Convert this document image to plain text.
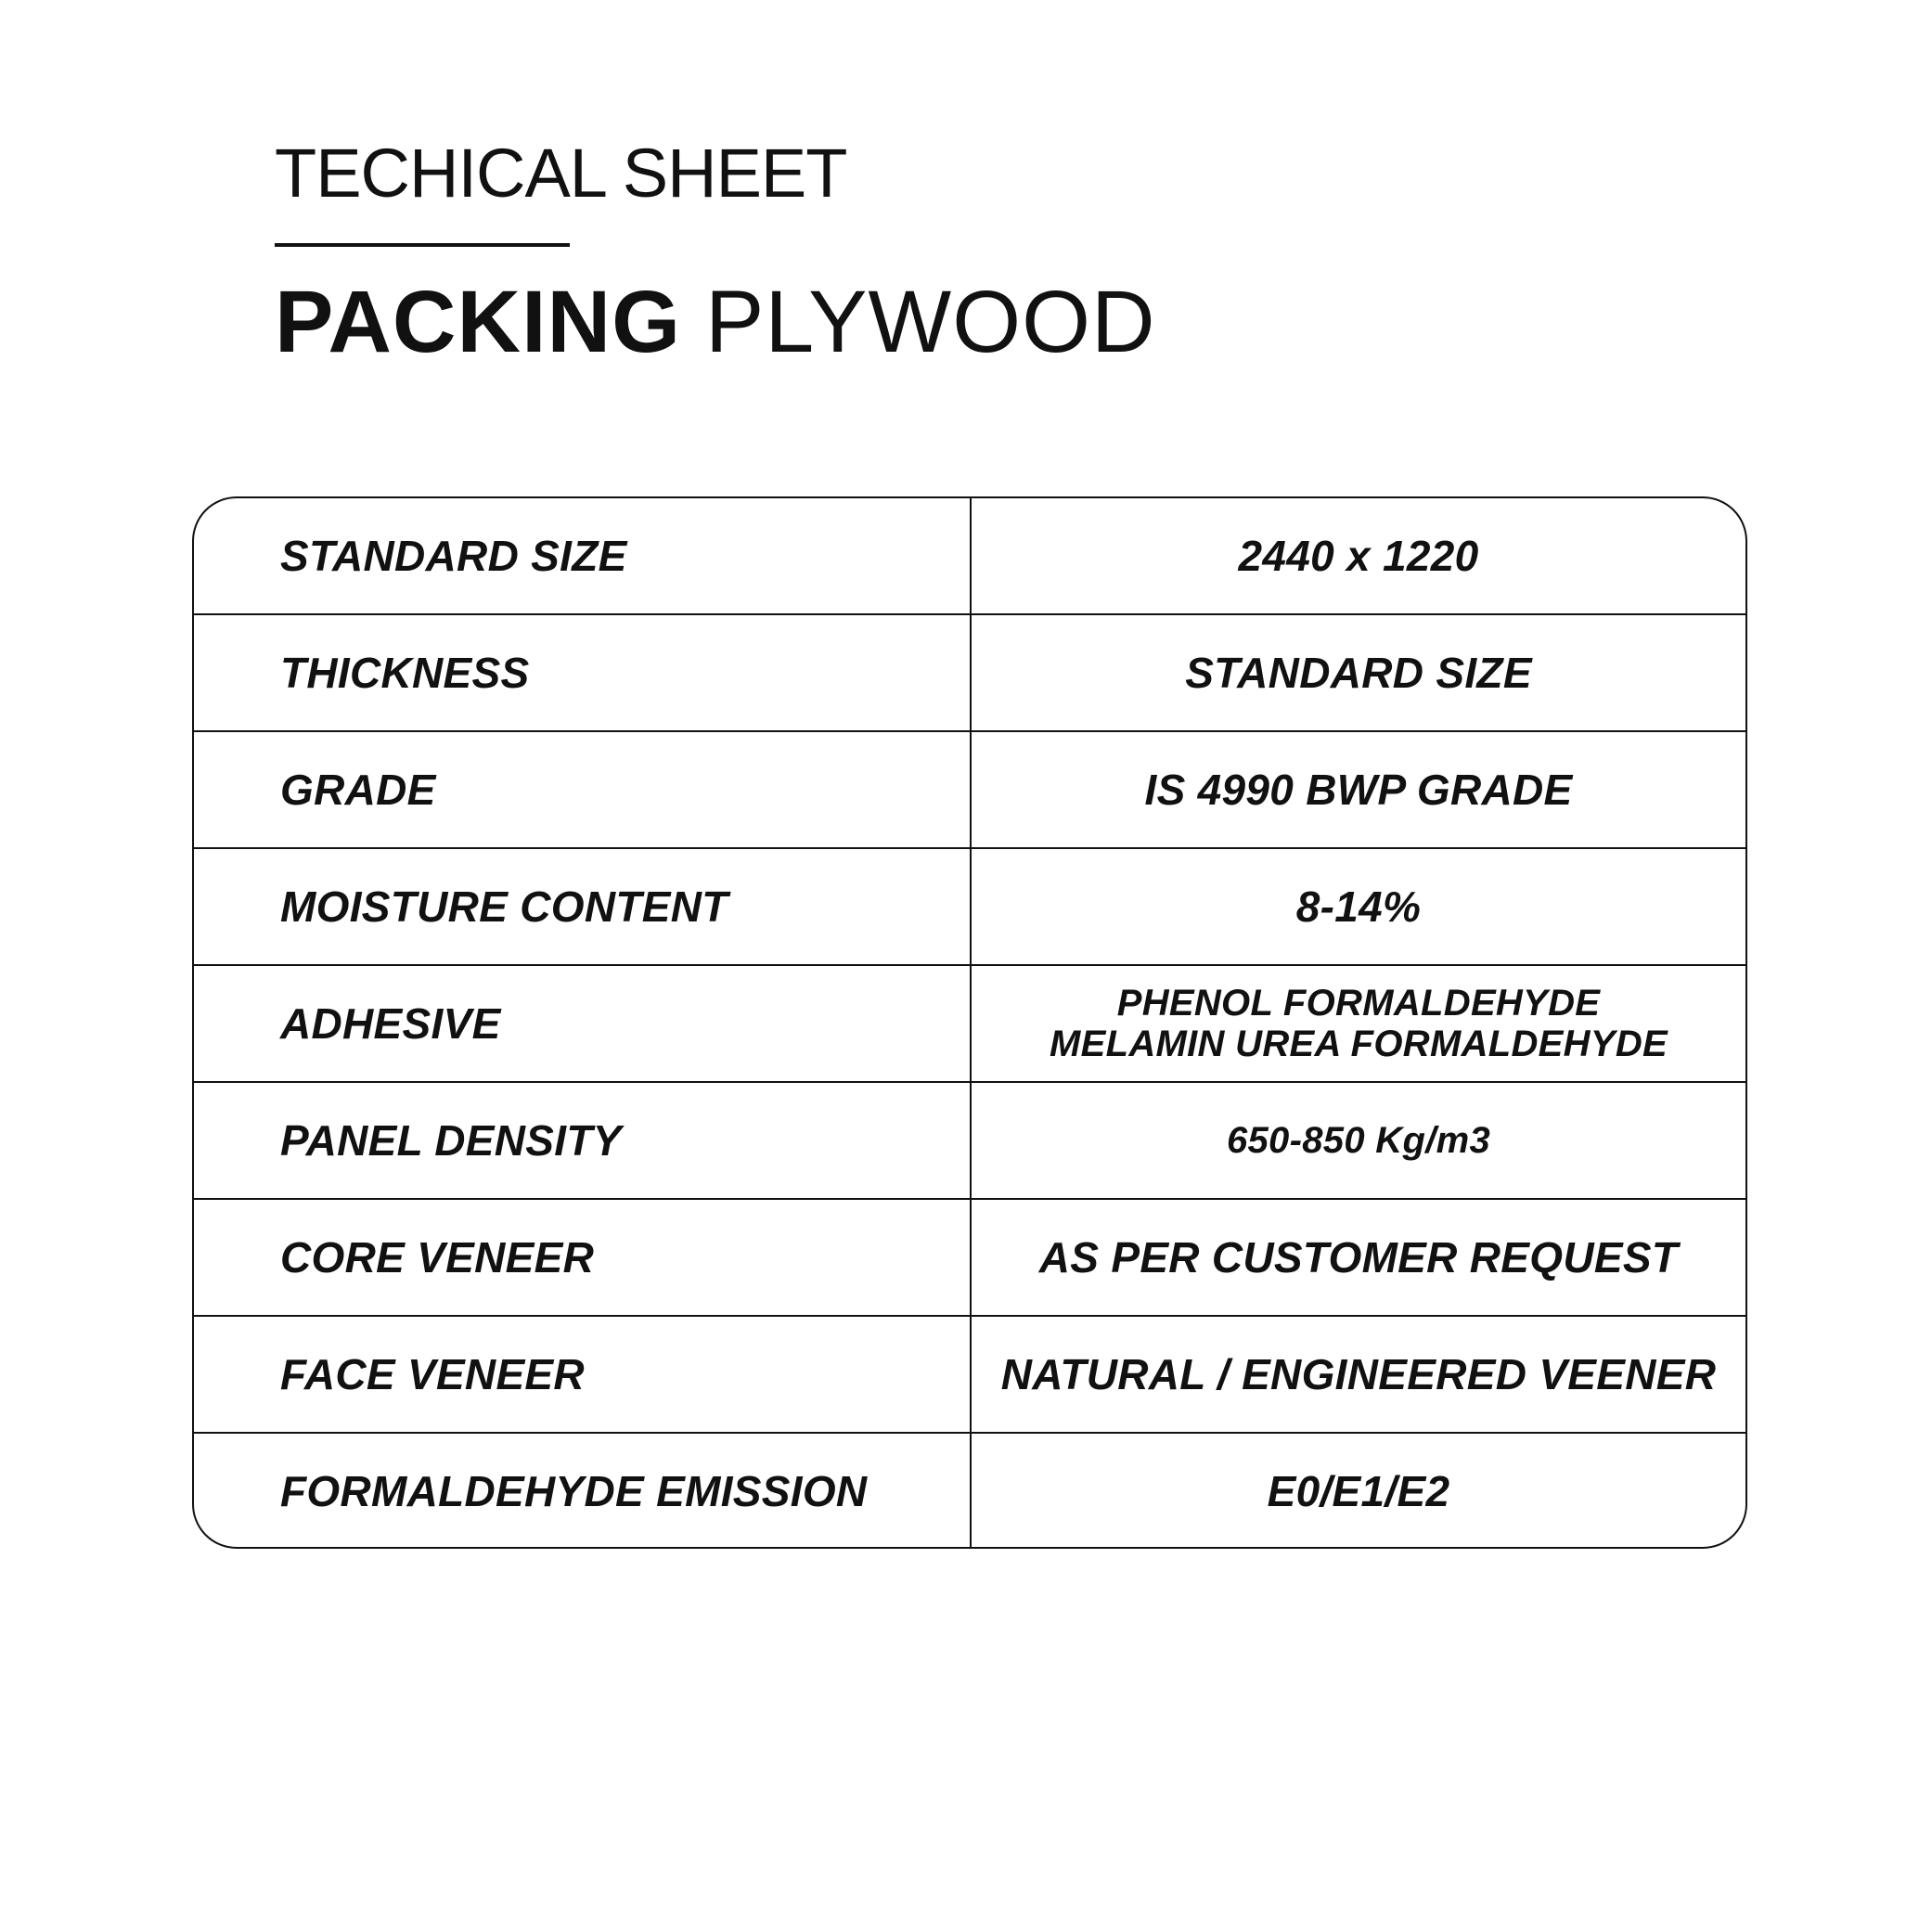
TECHICAL SHEET
PACKING PLYWOOD
STANDARD SIZE	2440 x 1220
THICKNESS	STANDARD SIZE
GRADE	IS 4990 BWP GRADE
MOISTURE CONTENT	8-14%
ADHESIVE	PHENOL FORMALDEHYDE
MELAMIN UREA FORMALDEHYDE
PANEL DENSITY	650-850 Kg/m3
CORE VENEER	AS PER CUSTOMER REQUEST
FACE VENEER	NATURAL / ENGINEERED VEENER
FORMALDEHYDE EMISSION	E0/E1/E2
